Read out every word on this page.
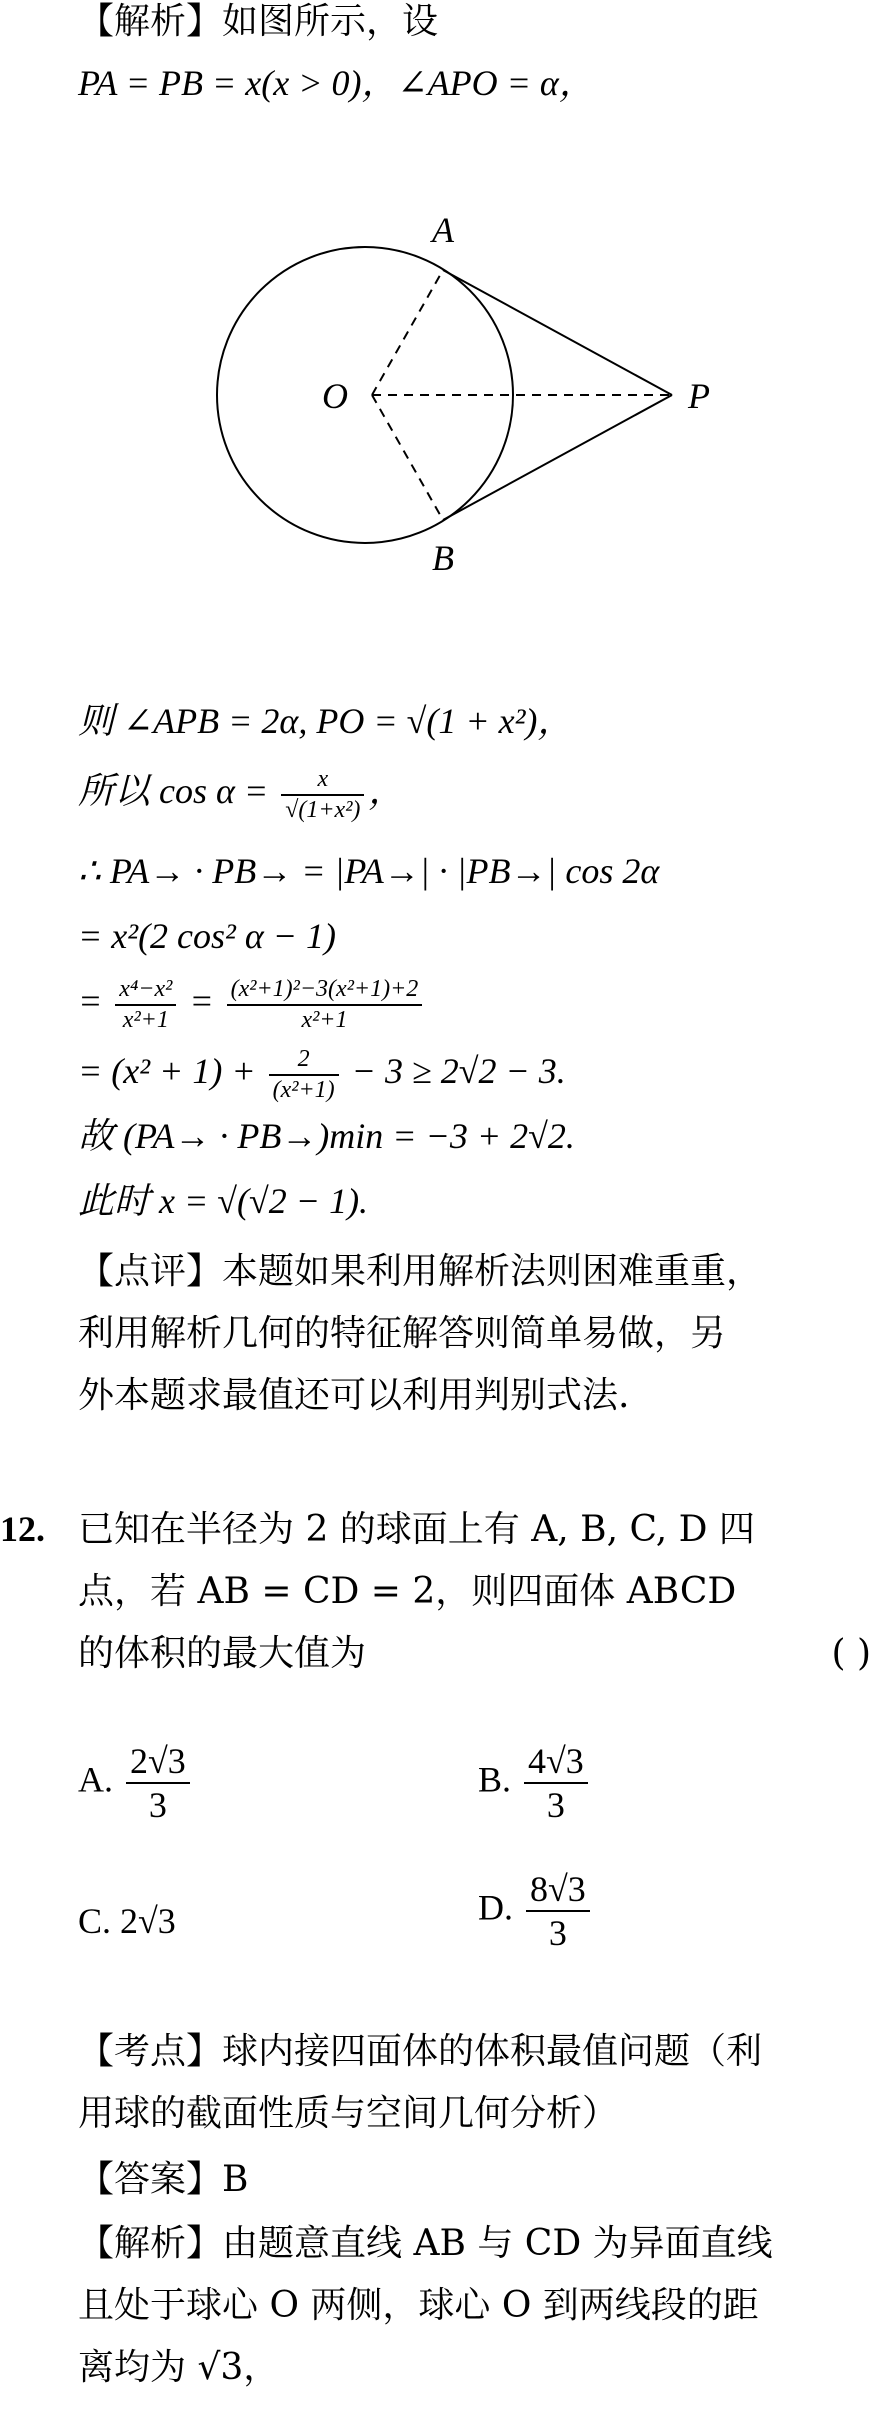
【解析】如图所示，设
PA = PB = x(x > 0)，∠APO = α，
A
B
O	P
则 ∠APB = 2α, PO = √(1 + x²)，
所以 $\cos \alpha = \frac{x}{\text{√(1+x²)}}$ ，
∴ PA→ · PB→ = |PA→| · |PB→| cos 2α
= x²(2 cos² α − 1)
= $\frac{\text{x⁴−x²}}{\text{x²+1}} = \frac{\text{(x²+1)²−3(x²+1)+2}}{\text{x²+1}}$
= $(x^2 + 1) + \frac{2}{\text{(x²+1)}} - 3 \ge 2√2 - 3$.
故 (PA→ · PB→)min = −3 + 2√2.
此时 x = √(√2 − 1).
【点评】本题如果利用解析法则困难重重，
利用解析几何的特征解答则简单易做，另
外本题求最值还可以利用判别式法.
12. 已知在半径为 2 的球面上有 A, B, C, D 四
点，若 AB = CD = 2，则四面体 ABCD
的体积的最大值为	( )
A. $\frac{2√3}{3}$	B. $\frac{4√3}{3}$
C. 2√3	D. $\frac{8√3}{3}$
【考点】球内接四面体的体积最值问题（利
用球的截面性质与空间几何分析）
【答案】B
【解析】由题意直线 AB 与 CD 为异面直线
且处于球心 O 两侧，球心 O 到两线段的距
离均为 √3，
